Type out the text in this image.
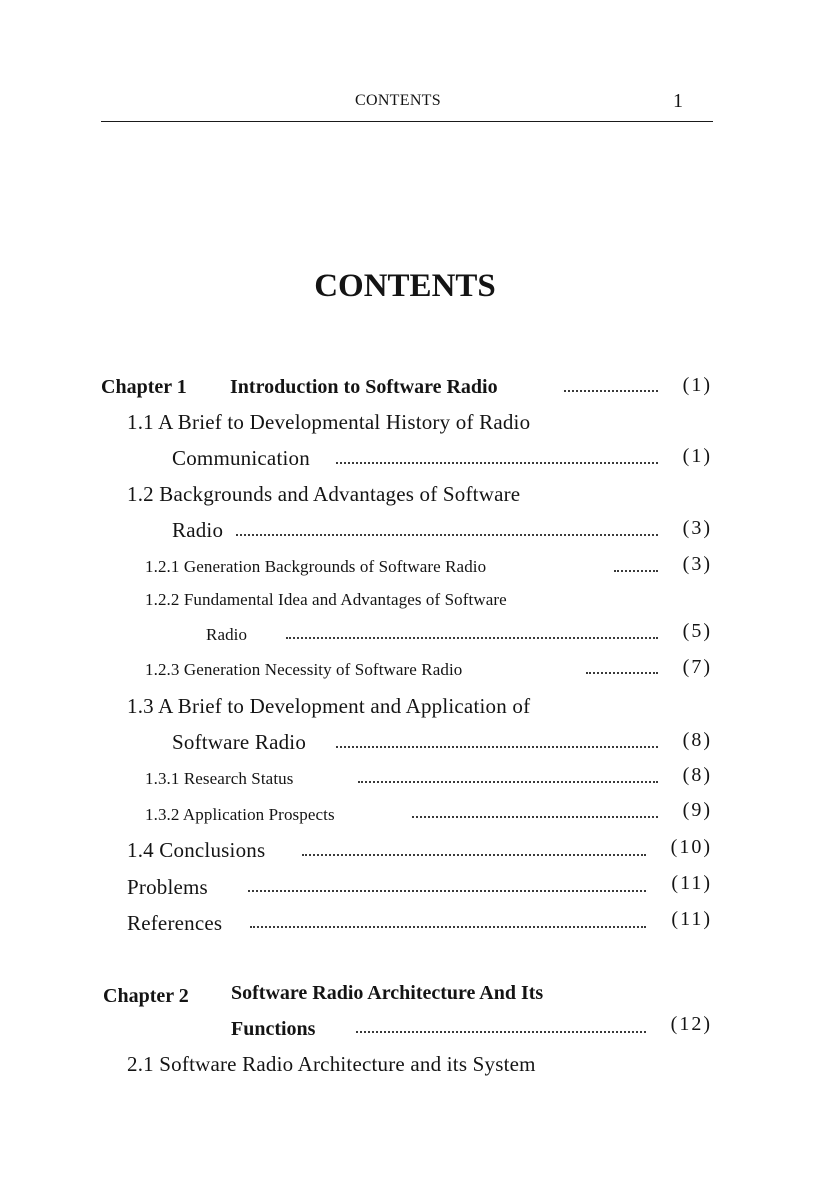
CONTENTS	1
CONTENTS
Chapter 1 Introduction to Software Radio	(1)
1.1 A Brief to Developmental History of Radio
Communication	(1)
1.2 Backgrounds and Advantages of Software
Radio	(3)
1.2.1 Generation Backgrounds of Software Radio	(3)
1.2.2 Fundamental Idea and Advantages of Software
Radio	(5)
1.2.3 Generation Necessity of Software Radio	(7)
1.3 A Brief to Development and Application of
Software Radio	(8)
1.3.1 Research Status	(8)
1.3.2 Application Prospects	(9)
1.4 Conclusions	(10)
Problems	(11)
References	(11)
Chapter 2 Software Radio Architecture And Its
Functions	(12)
2.1 Software Radio Architecture and its System
